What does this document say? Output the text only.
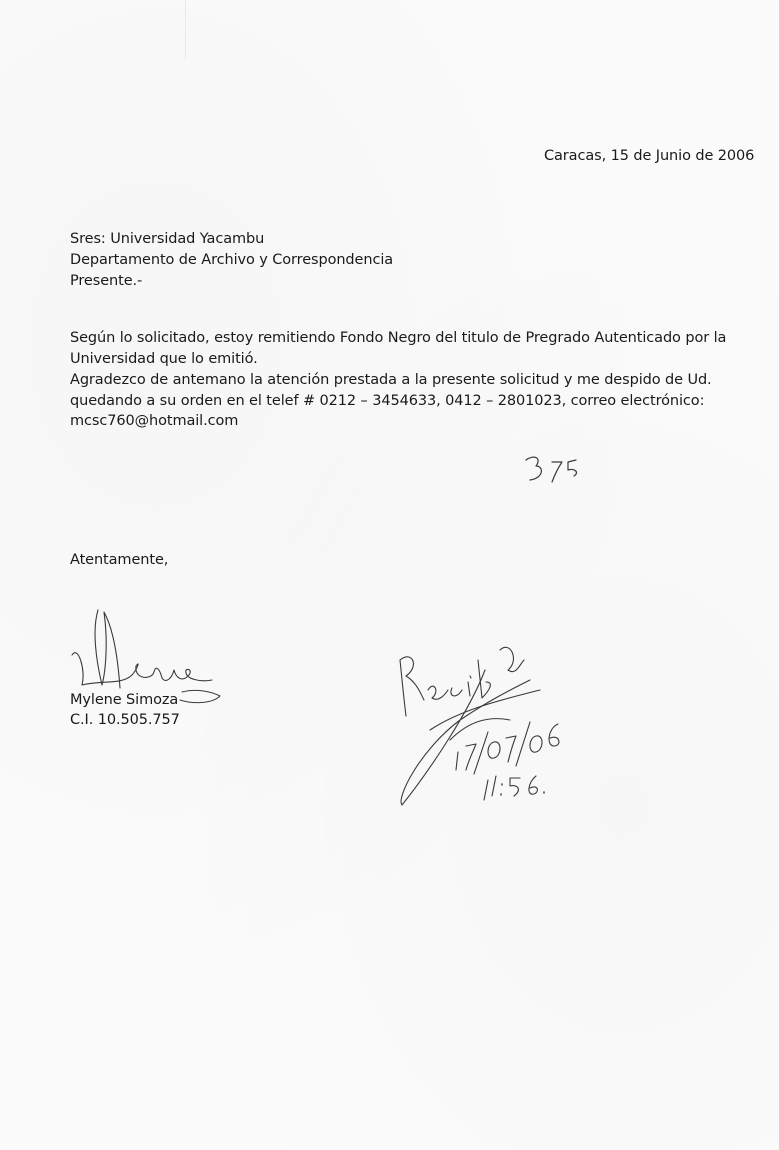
Caracas, 15 de Junio de 2006
Sres: Universidad Yacambu
Departamento de Archivo y Correspondencia
Presente.-
Según lo solicitado, estoy remitiendo Fondo Negro del titulo de Pregrado Autenticado por la
Universidad que lo emitió.
Agradezco de antemano la atención prestada a la presente solicitud y me despido de Ud.
quedando a su orden en el telef # 0212 – 3454633, 0412 – 2801023, correo electrónico:
mcsc760@hotmail.com
Atentamente,
Mylene Simoza
C.I. 10.505.757
